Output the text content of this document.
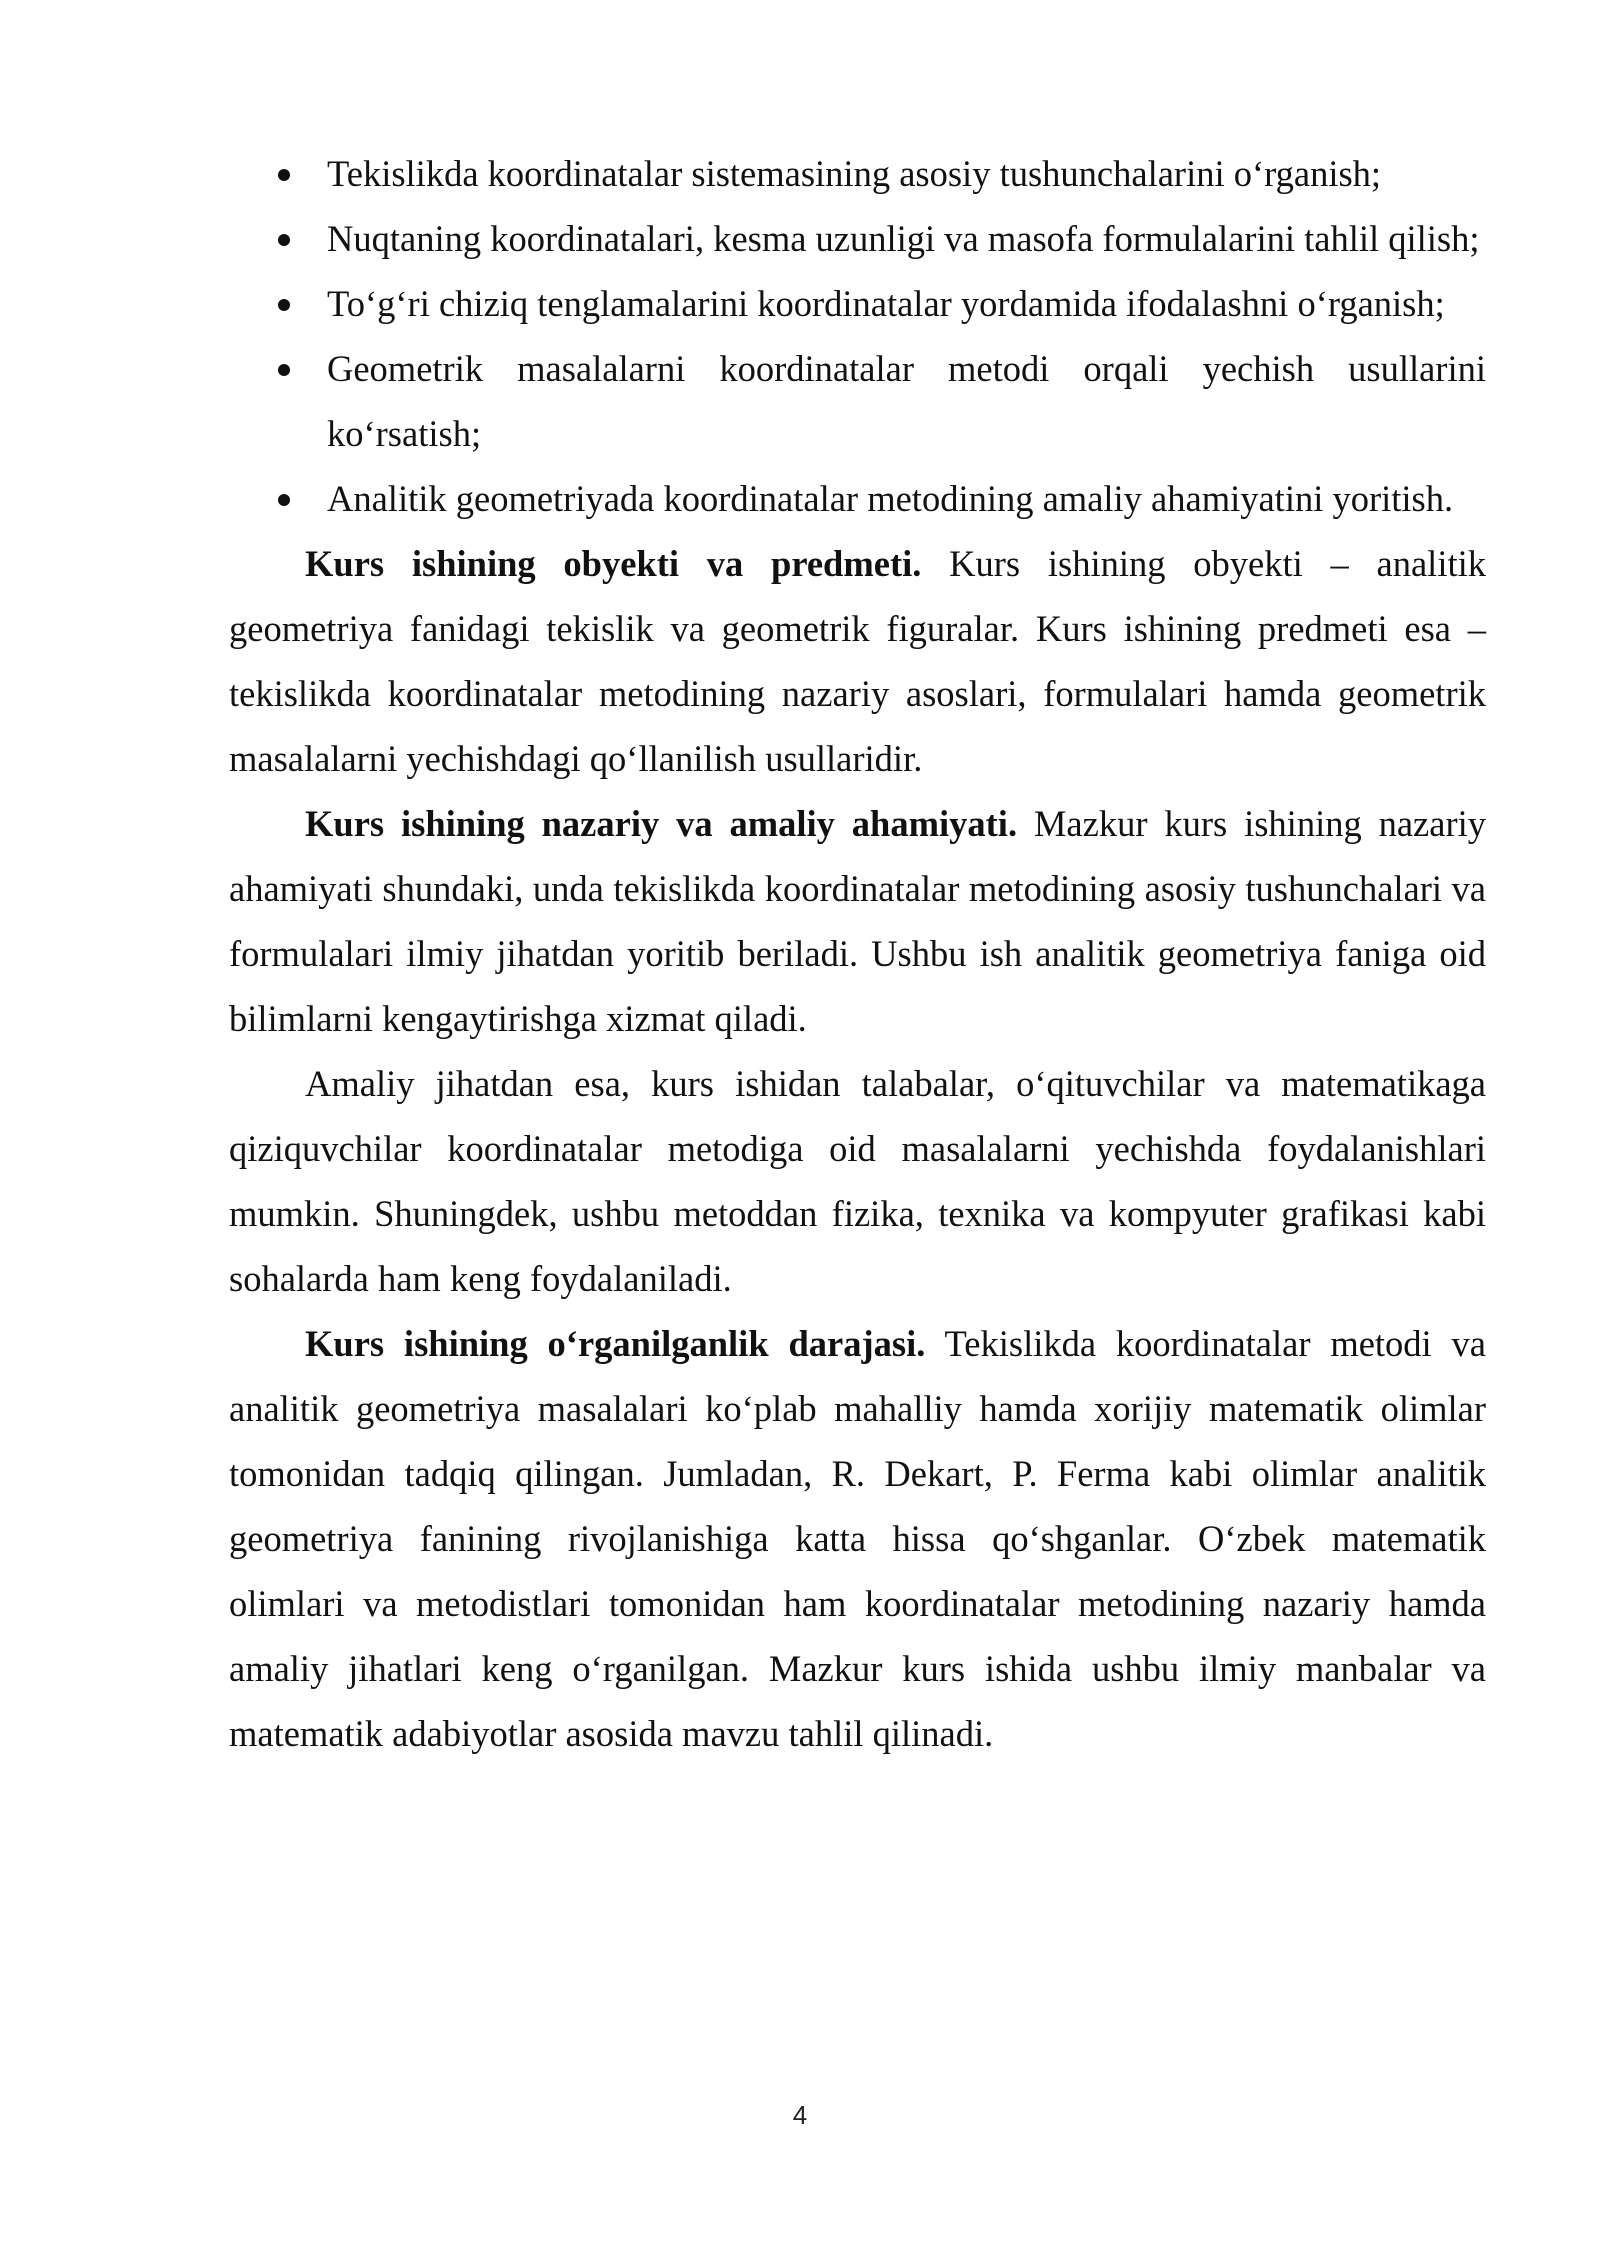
Tekislikda koordinatalar sistemasining asosiy tushunchalarini o‘rganish;
Nuqtaning koordinatalari, kesma uzunligi va masofa formulalarini tahlil qilish;
To‘g‘ri chiziq tenglamalarini koordinatalar yordamida ifodalashni o‘rganish;
Geometrik masalalarni koordinatalar metodi orqali yechish usullarini ko‘rsatish;
Analitik geometriyada koordinatalar metodining amaliy ahamiyatini yoritish.

Kurs ishining obyekti va predmeti. Kurs ishining obyekti – analitik geometriya fanidagi tekislik va geometrik figuralar. Kurs ishining predmeti esa – tekislikda koordinatalar metodining nazariy asoslari, formulalari hamda geometrik masalalarni yechishdagi qo‘llanilish usullaridir.

Kurs ishining nazariy va amaliy ahamiyati. Mazkur kurs ishining nazariy ahamiyati shundaki, unda tekislikda koordinatalar metodining asosiy tushunchalari va formulalari ilmiy jihatdan yoritib beriladi. Ushbu ish analitik geometriya faniga oid bilimlarni kengaytirishga xizmat qiladi.

Amaliy jihatdan esa, kurs ishidan talabalar, o‘qituvchilar va matematikaga qiziquvchilar koordinatalar metodiga oid masalalarni yechishda foydalanishlari mumkin. Shuningdek, ushbu metoddan fizika, texnika va kompyuter grafikasi kabi sohalarda ham keng foydalaniladi.

Kurs ishining o‘rganilganlik darajasi. Tekislikda koordinatalar metodi va analitik geometriya masalalari ko‘plab mahalliy hamda xorijiy matematik olimlar tomonidan tadqiq qilingan. Jumladan, R. Dekart, P. Ferma kabi olimlar analitik geometriya fanining rivojlanishiga katta hissa qo‘shganlar. O‘zbek matematik olimlari va metodistlari tomonidan ham koordinatalar metodining nazariy hamda amaliy jihatlari keng o‘rganilgan. Mazkur kurs ishida ushbu ilmiy manbalar va matematik adabiyotlar asosida mavzu tahlil qilinadi.

4
